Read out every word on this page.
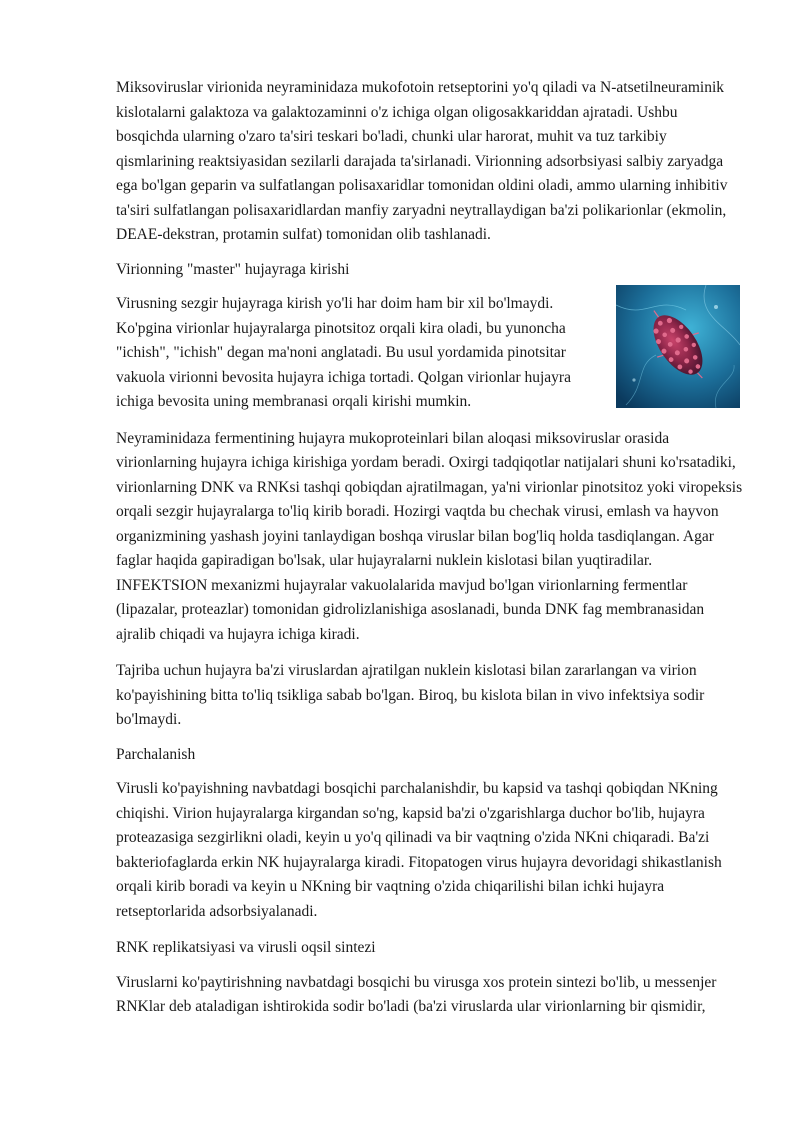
Miksoviruslar virionida neyraminidaza mukofotoin retseptorini yo'q qiladi va N-atsetilneuraminik kislotalarni galaktoza va galaktozaminni o'z ichiga olgan oligosakkariddan ajratadi. Ushbu bosqichda ularning o'zaro ta'siri teskari bo'ladi, chunki ular harorat, muhit va tuz tarkibiy qismlarining reaktsiyasidan sezilarli darajada ta'sirlanadi. Virionning adsorbsiyasi salbiy zaryadga ega bo'lgan geparin va sulfatlangan polisaxaridlar tomonidan oldini oladi, ammo ularning inhibitiv ta'siri sulfatlangan polisaxaridlardan manfiy zaryadni neytrallaydigan ba'zi polikarionlar (ekmolin, DEAE-dekstran, protamin sulfat) tomonidan olib tashlanadi.

Virionning "master" hujayraga kirishi

Virusning sezgir hujayraga kirish yo'li har doim ham bir xil bo'lmaydi. Ko'pgina virionlar hujayralarga pinotsitoz orqali kira oladi, bu yunoncha "ichish", "ichish" degan ma'noni anglatadi. Bu usul yordamida pinotsitar vakuola virionni bevosita hujayra ichiga tortadi. Qolgan virionlar hujayra ichiga bevosita uning membranasi orqali kirishi mumkin.

Neyraminidaza fermentining hujayra mukoproteinlari bilan aloqasi miksoviruslar orasida virionlarning hujayra ichiga kirishiga yordam beradi. Oxirgi tadqiqotlar natijalari shuni ko'rsatadiki, virionlarning DNK va RNKsi tashqi qobiqdan ajratilmagan, ya'ni virionlar pinotsitoz yoki viropeksis orqali sezgir hujayralarga to'liq kirib boradi. Hozirgi vaqtda bu chechak virusi, emlash va hayvon organizmining yashash joyini tanlaydigan boshqa viruslar bilan bog'liq holda tasdiqlangan. Agar faglar haqida gapiradigan bo'lsak, ular hujayralarni nuklein kislotasi bilan yuqtiradilar. INFEKTSION mexanizmi hujayralar vakuolalarida mavjud bo'lgan virionlarning fermentlar (lipazalar, proteazlar) tomonidan gidrolizlanishiga asoslanadi, bunda DNK fag membranasidan ajralib chiqadi va hujayra ichiga kiradi.

Tajriba uchun hujayra ba'zi viruslardan ajratilgan nuklein kislotasi bilan zararlangan va virion ko'payishining bitta to'liq tsikliga sabab bo'lgan. Biroq, bu kislota bilan in vivo infektsiya sodir bo'lmaydi.

Parchalanish

Virusli ko'payishning navbatdagi bosqichi parchalanishdir, bu kapsid va tashqi qobiqdan NKning chiqishi. Virion hujayralarga kirgandan so'ng, kapsid ba'zi o'zgarishlarga duchor bo'lib, hujayra proteazasiga sezgirlikni oladi, keyin u yo'q qilinadi va bir vaqtning o'zida NKni chiqaradi. Ba'zi bakteriofaglarda erkin NK hujayralarga kiradi. Fitopatogen virus hujayra devoridagi shikastlanish orqali kirib boradi va keyin u NKning bir vaqtning o'zida chiqarilishi bilan ichki hujayra retseptorlarida adsorbsiyalanadi.

RNK replikatsiyasi va virusli oqsil sintezi

Viruslarni ko'paytirishning navbatdagi bosqichi bu virusga xos protein sintezi bo'lib, u messenjer RNKlar deb ataladigan ishtirokida sodir bo'ladi (ba'zi viruslarda ular virionlarning bir qismidir,
